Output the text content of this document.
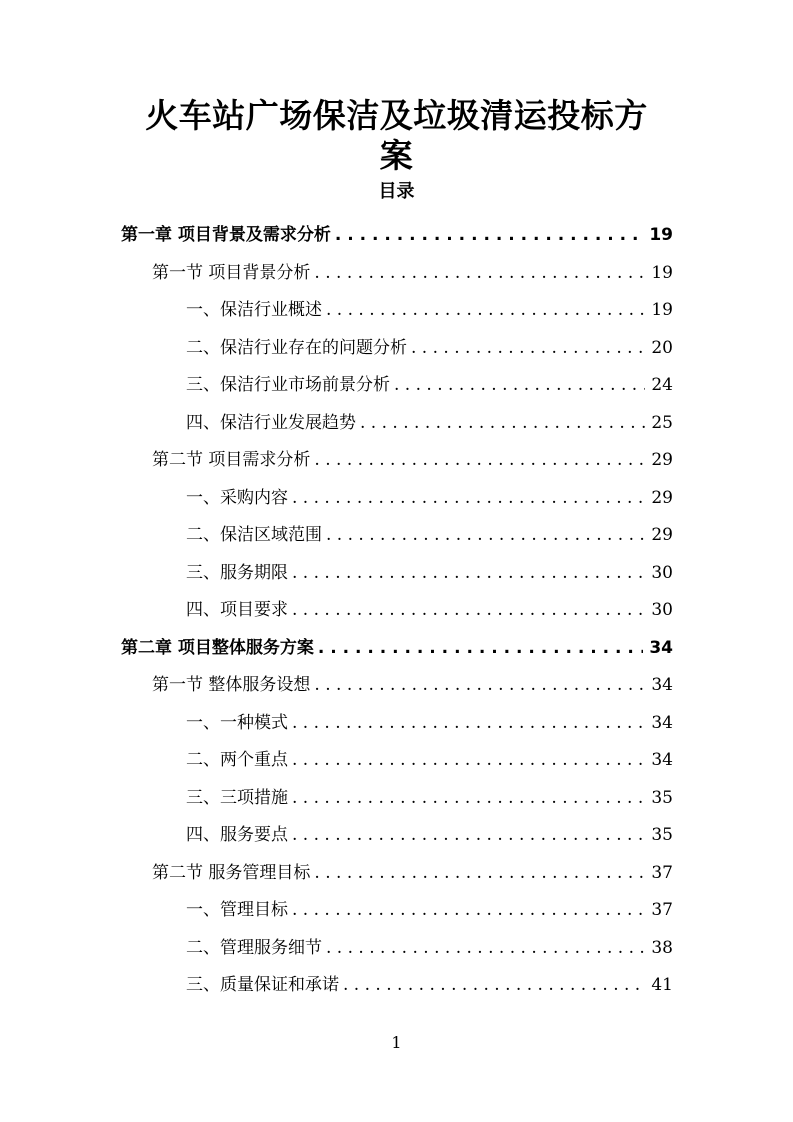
火车站广场保洁及垃圾清运投标方
案
目录
第一章 项目背景及需求分析 . . .	19
第一节 项目背景分析 . . .	19
一、保洁行业概述 . . .	19
二、保洁行业存在的问题分析 . . .	20
三、保洁行业市场前景分析 . . .	24
四、保洁行业发展趋势 . . .	25
第二节 项目需求分析 . . .	29
一、采购内容 . . .	29
二、保洁区域范围 . . .	29
三、服务期限 . . .	30
四、项目要求 . . .	30
第二章 项目整体服务方案 . . .	34
第一节 整体服务设想 . . .	34
一、一种模式 . . .	34
二、两个重点 . . .	34
三、三项措施 . . .	35
四、服务要点 . . .	35
第二节 服务管理目标 . . .	37
一、管理目标 . . .	37
二、管理服务细节 . . .	38
三、质量保证和承诺 . . .	41
1
